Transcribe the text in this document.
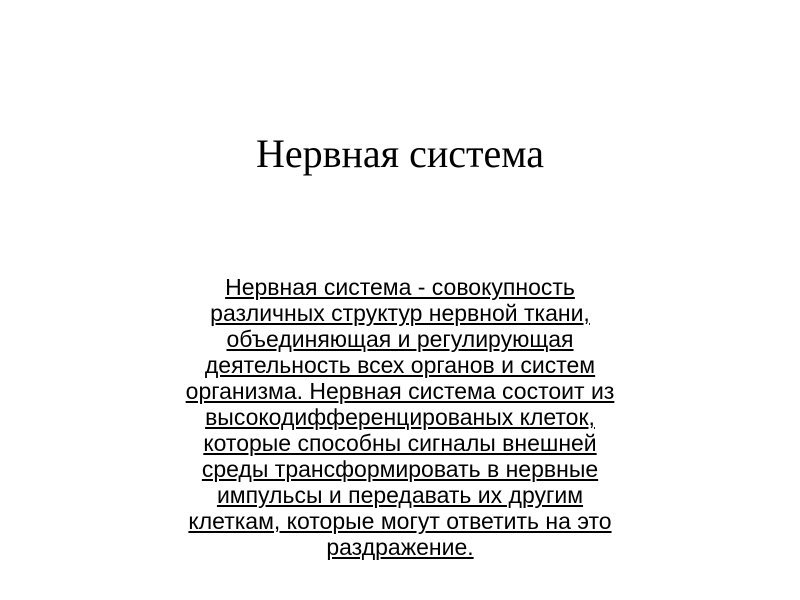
Нервная система
Нервная система - совокупность
различных структур нервной ткани,
объединяющая и регулирующая
деятельность всех органов и систем
организма. Нервная система состоит из
высокодифференцированых клеток,
которые способны сигналы внешней
среды трансформировать в нервные
импульсы и передавать их другим
клеткам, которые могут ответить на это
раздражение.
